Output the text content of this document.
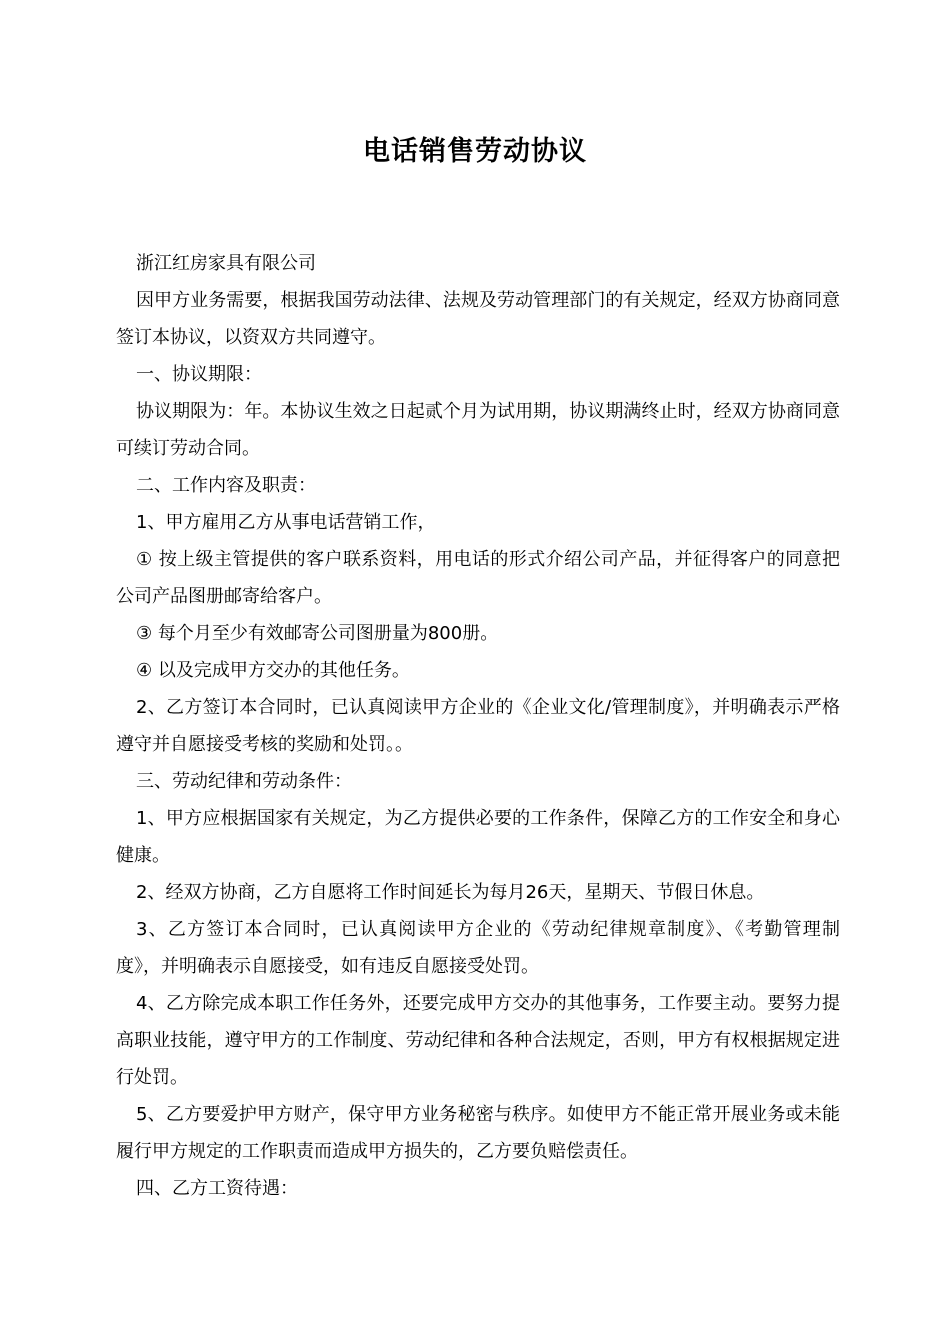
电话销售劳动协议

浙江红房家具有限公司

因甲方业务需要，根据我国劳动法律、法规及劳动管理部门的有关规定，经双方协商同意签订本协议，以资双方共同遵守。

一、协议期限：

协议期限为：年。本协议生效之日起贰个月为试用期，协议期满终止时，经双方协商同意可续订劳动合同。

二、工作内容及职责：

1、甲方雇用乙方从事电话营销工作，

① 按上级主管提供的客户联系资料，用电话的形式介绍公司产品，并征得客户的同意把公司产品图册邮寄给客户。

③ 每个月至少有效邮寄公司图册量为800册。

④ 以及完成甲方交办的其他任务。

2、乙方签订本合同时，已认真阅读甲方企业的《企业文化/管理制度》，并明确表示严格遵守并自愿接受考核的奖励和处罚。。

三、劳动纪律和劳动条件：

1、甲方应根据国家有关规定，为乙方提供必要的工作条件，保障乙方的工作安全和身心健康。

2、经双方协商，乙方自愿将工作时间延长为每月26天，星期天、节假日休息。

3、乙方签订本合同时，已认真阅读甲方企业的《劳动纪律规章制度》、《考勤管理制度》，并明确表示自愿接受，如有违反自愿接受处罚。

4、乙方除完成本职工作任务外，还要完成甲方交办的其他事务，工作要主动。要努力提高职业技能，遵守甲方的工作制度、劳动纪律和各种合法规定，否则，甲方有权根据规定进行处罚。

5、乙方要爱护甲方财产，保守甲方业务秘密与秩序。如使甲方不能正常开展业务或未能履行甲方规定的工作职责而造成甲方损失的，乙方要负赔偿责任。

四、乙方工资待遇：
